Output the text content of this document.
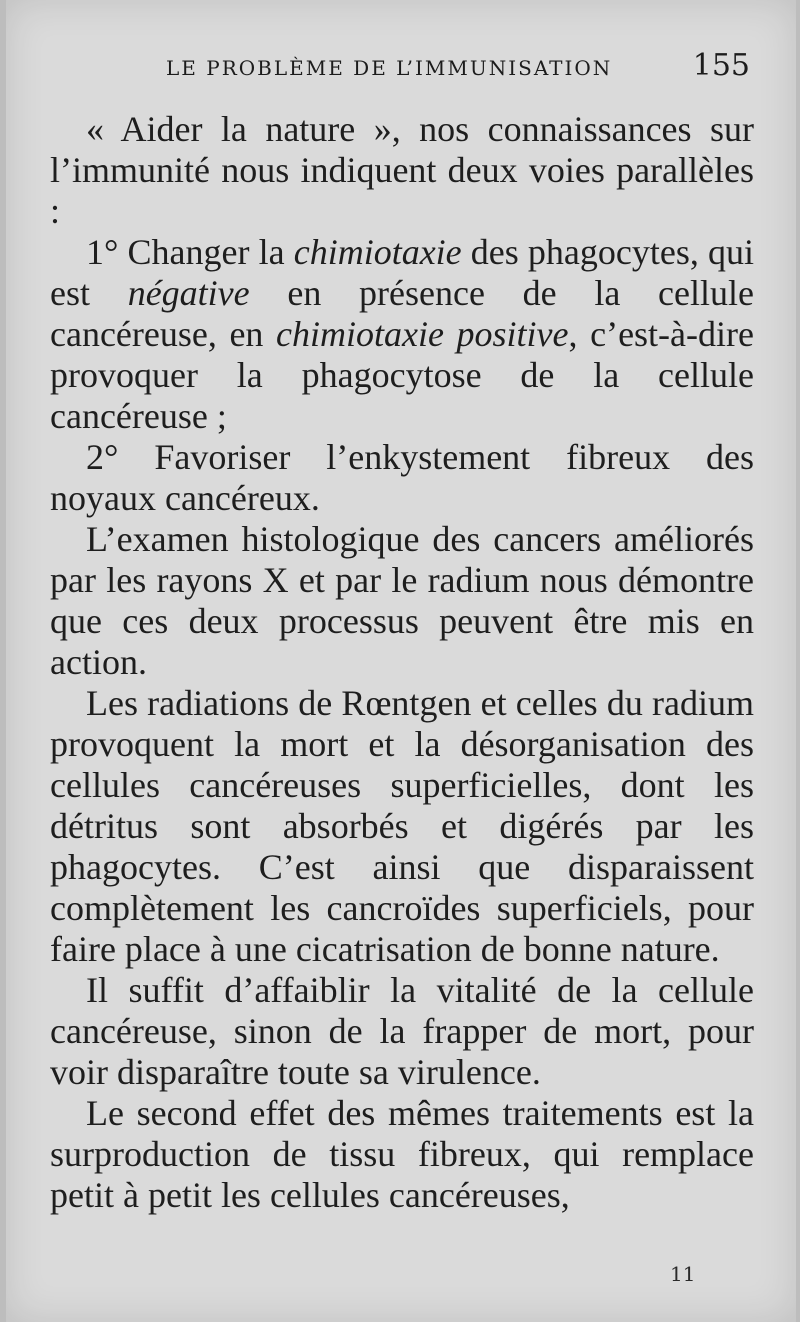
LE PROBLÈME DE L’IMMUNISATION	155

« Aider la nature », nos connaissances sur l’immunité nous indiquent deux voies parallèles :

1° Changer la chimiotaxie des phagocytes, qui est négative en présence de la cellule cancéreuse, en chimiotaxie positive, c’est-à-dire provoquer la phagocytose de la cellule cancéreuse ;

2° Favoriser l’enkystement fibreux des noyaux cancéreux.

L’examen histologique des cancers améliorés par les rayons X et par le radium nous démontre que ces deux processus peuvent être mis en action.

Les radiations de Rœntgen et celles du radium provoquent la mort et la désorganisation des cellules cancéreuses superficielles, dont les détritus sont absorbés et digérés par les phagocytes. C’est ainsi que disparaissent complètement les cancroïdes superficiels, pour faire place à une cicatrisation de bonne nature.

Il suffit d’affaiblir la vitalité de la cellule cancéreuse, sinon de la frapper de mort, pour voir disparaître toute sa virulence.

Le second effet des mêmes traitements est la surproduction de tissu fibreux, qui remplace petit à petit les cellules cancéreuses,

11
